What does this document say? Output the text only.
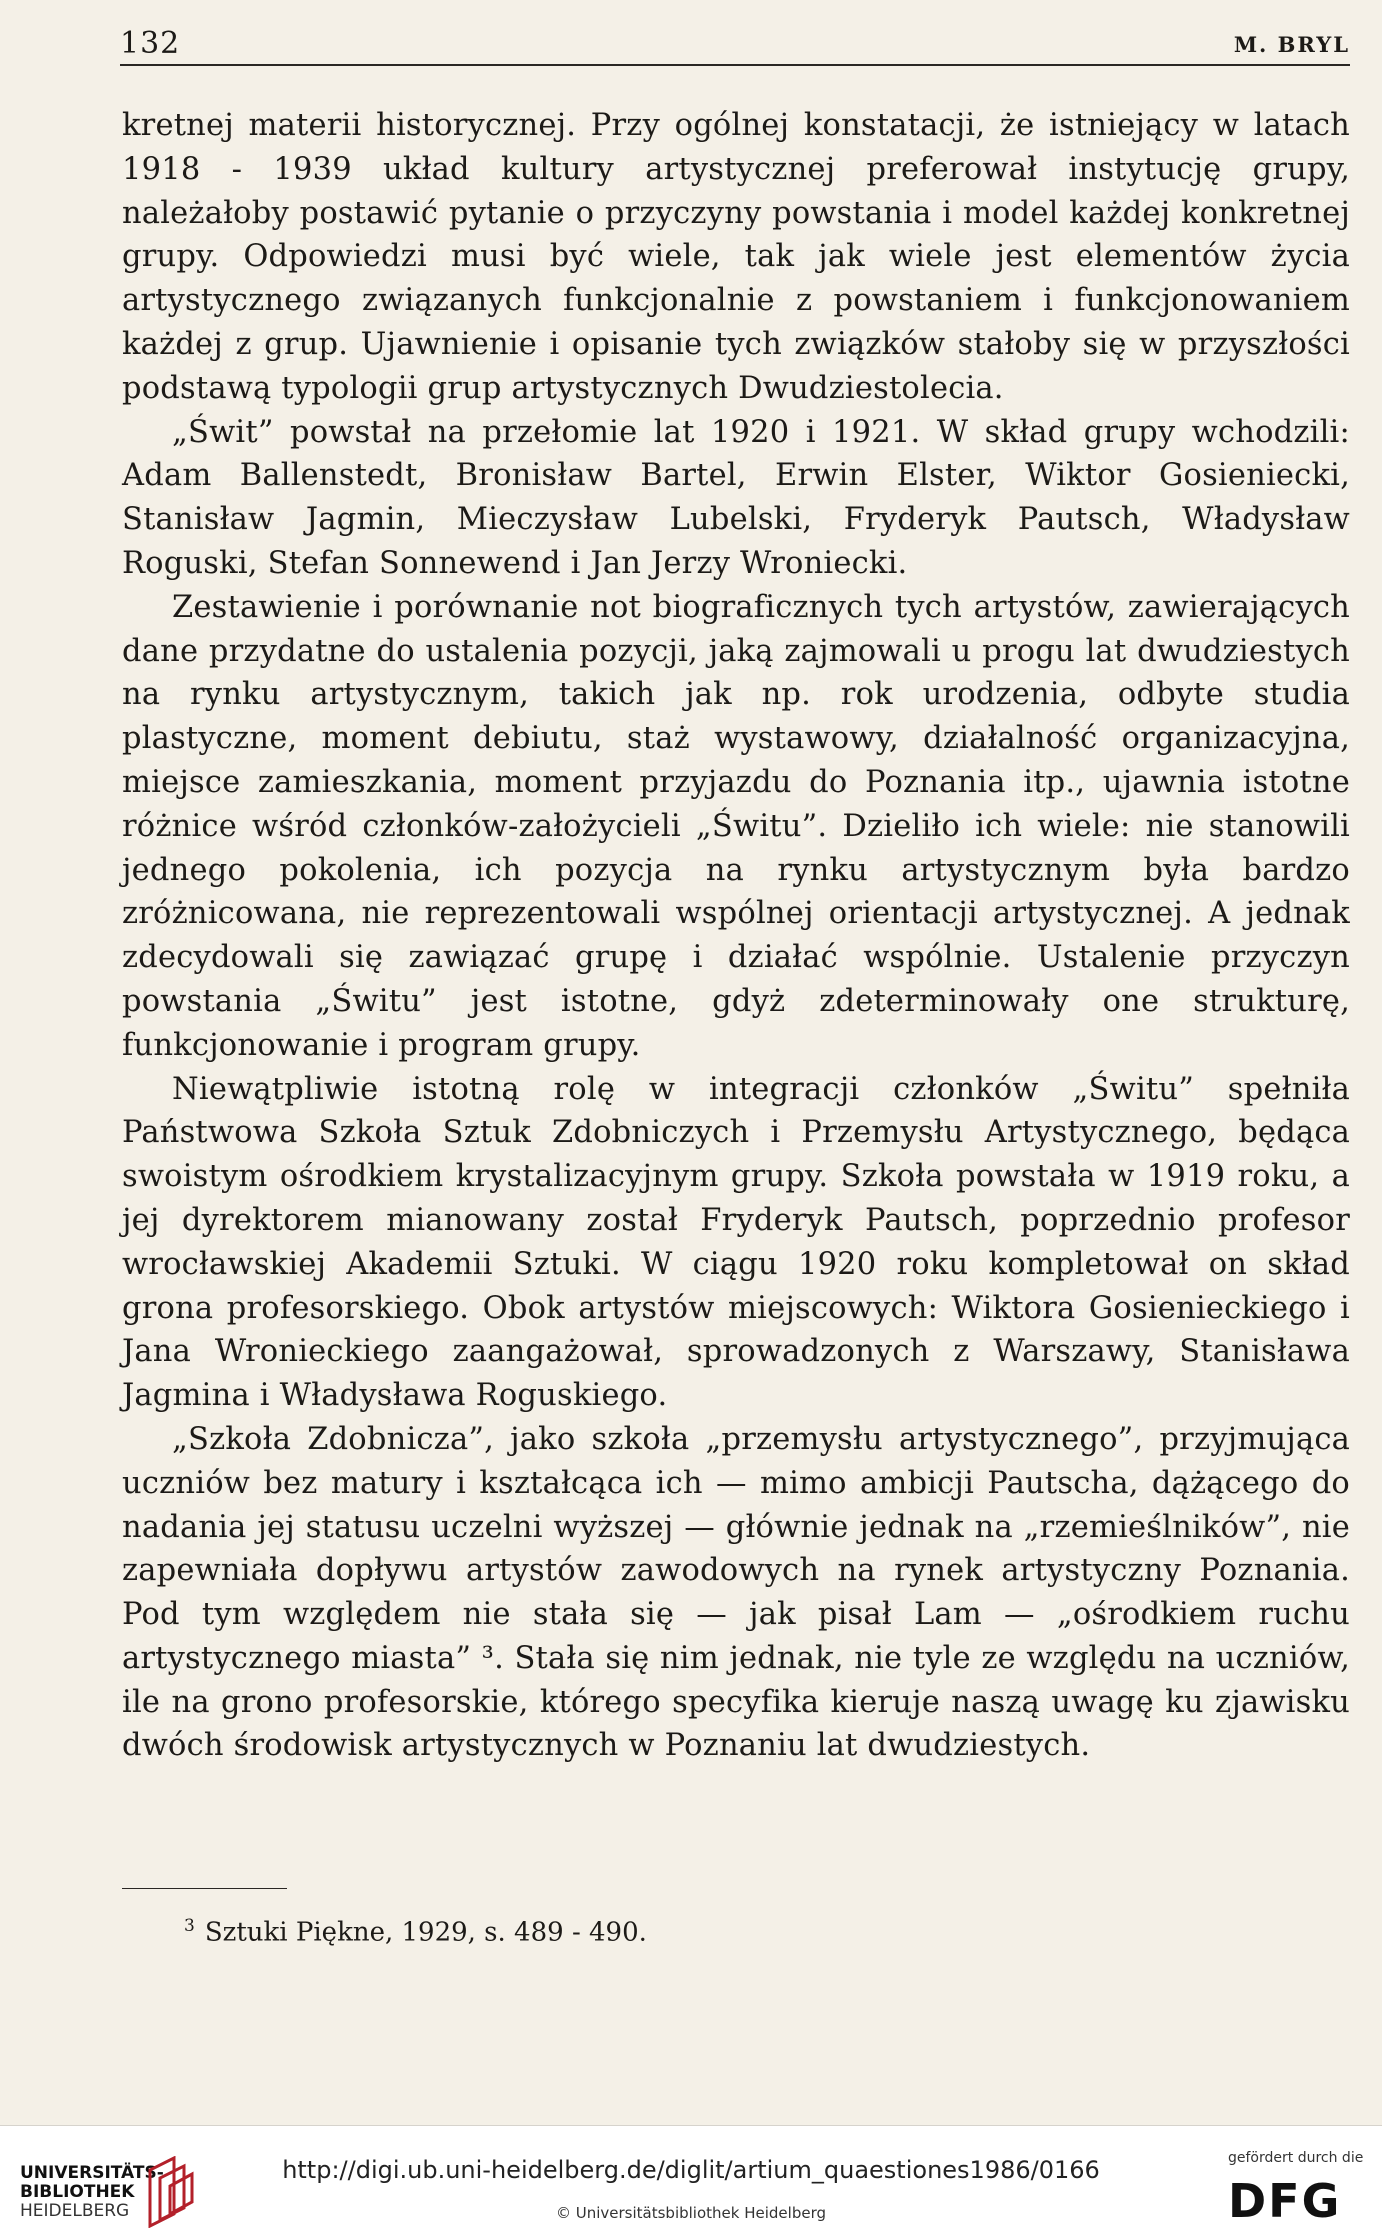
132	M. BRYL

kretnej materii historycznej. Przy ogólnej konstatacji, że istniejący w latach 1918 - 1939 układ kultury artystycznej preferował instytucję grupy, należałoby postawić pytanie o przyczyny powstania i model każdej konkretnej grupy. Odpowiedzi musi być wiele, tak jak wiele jest elementów życia artystycznego związanych funkcjonalnie z powstaniem i funkcjonowaniem każdej z grup. Ujawnienie i opisanie tych związków stałoby się w przyszłości podstawą typologii grup artystycznych Dwudziestolecia.

„Świt” powstał na przełomie lat 1920 i 1921. W skład grupy wchodzili: Adam Ballenstedt, Bronisław Bartel, Erwin Elster, Wiktor Gosieniecki, Stanisław Jagmin, Mieczysław Lubelski, Fryderyk Pautsch, Władysław Roguski, Stefan Sonnewend i Jan Jerzy Wroniecki.

Zestawienie i porównanie not biograficznych tych artystów, zawierających dane przydatne do ustalenia pozycji, jaką zajmowali u progu lat dwudziestych na rynku artystycznym, takich jak np. rok urodzenia, odbyte studia plastyczne, moment debiutu, staż wystawowy, działalność organizacyjna, miejsce zamieszkania, moment przyjazdu do Poznania itp., ujawnia istotne różnice wśród członków-założycieli „Świtu”. Dzieliło ich wiele: nie stanowili jednego pokolenia, ich pozycja na rynku artystycznym była bardzo zróżnicowana, nie reprezentowali wspólnej orientacji artystycznej. A jednak zdecydowali się zawiązać grupę i działać wspólnie. Ustalenie przyczyn powstania „Świtu” jest istotne, gdyż zdeterminowały one strukturę, funkcjonowanie i program grupy.

Niewątpliwie istotną rolę w integracji członków „Świtu” spełniła Państwowa Szkoła Sztuk Zdobniczych i Przemysłu Artystycznego, będąca swoistym ośrodkiem krystalizacyjnym grupy. Szkoła powstała w 1919 roku, a jej dyrektorem mianowany został Fryderyk Pautsch, poprzednio profesor wrocławskiej Akademii Sztuki. W ciągu 1920 roku kompletował on skład grona profesorskiego. Obok artystów miejscowych: Wiktora Gosienieckiego i Jana Wronieckiego zaangażował, sprowadzonych z Warszawy, Stanisława Jagmina i Władysława Roguskiego.

„Szkoła Zdobnicza”, jako szkoła „przemysłu artystycznego”, przyjmująca uczniów bez matury i kształcąca ich — mimo ambicji Pautscha, dążącego do nadania jej statusu uczelni wyższej — głównie jednak na „rzemieślników”, nie zapewniała dopływu artystów zawodowych na rynek artystyczny Poznania. Pod tym względem nie stała się — jak pisał Lam — „ośrodkiem ruchu artystycznego miasta” ³. Stała się nim jednak, nie tyle ze względu na uczniów, ile na grono profesorskie, którego specyfika kieruje naszą uwagę ku zjawisku dwóch środowisk artystycznych w Poznaniu lat dwudziestych.

$^3$ Sztuki Piękne, 1929, s. 489 - 490.
UNIVERSITÄTS-
BIBLIOTHEK
HEIDELBERG
http://digi.ub.uni-heidelberg.de/diglit/artium_quaestiones1986/0166
© Universitätsbibliothek Heidelberg
gefördert durch die
DFG
